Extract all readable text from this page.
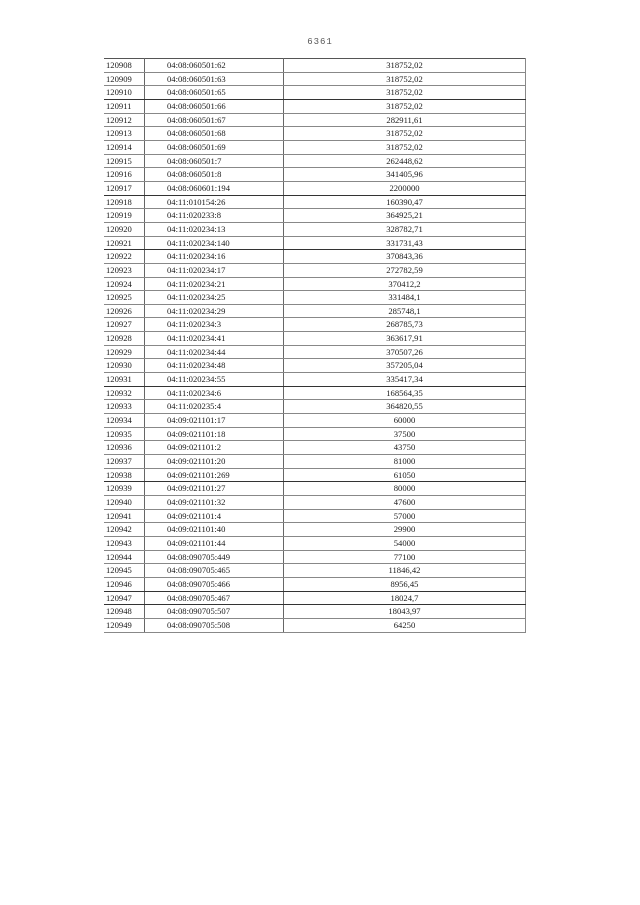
6361
120908	04:08:060501:62	318752,02
120909	04:08:060501:63	318752,02
120910	04:08:060501:65	318752,02
120911	04:08:060501:66	318752,02
120912	04:08:060501:67	282911,61
120913	04:08:060501:68	318752,02
120914	04:08:060501:69	318752,02
120915	04:08:060501:7	262448,62
120916	04:08:060501:8	341405,96
120917	04:08:060601:194	2200000
120918	04:11:010154:26	160390,47
120919	04:11:020233:8	364925,21
120920	04:11:020234:13	328782,71
120921	04:11:020234:140	331731,43
120922	04:11:020234:16	370843,36
120923	04:11:020234:17	272782,59
120924	04:11:020234:21	370412,2
120925	04:11:020234:25	331484,1
120926	04:11:020234:29	285748,1
120927	04:11:020234:3	268785,73
120928	04:11:020234:41	363617,91
120929	04:11:020234:44	370507,26
120930	04:11:020234:48	357205,04
120931	04:11:020234:55	335417,34
120932	04:11:020234:6	168564,35
120933	04:11:020235:4	364820,55
120934	04:09:021101:17	60000
120935	04:09:021101:18	37500
120936	04:09:021101:2	43750
120937	04:09:021101:20	81000
120938	04:09:021101:269	61050
120939	04:09:021101:27	80000
120940	04:09:021101:32	47600
120941	04:09:021101:4	57000
120942	04:09:021101:40	29900
120943	04:09:021101:44	54000
120944	04:08:090705:449	77100
120945	04:08:090705:465	11846,42
120946	04:08:090705:466	8956,45
120947	04:08:090705:467	18024,7
120948	04:08:090705:507	18043,97
120949	04:08:090705:508	64250
